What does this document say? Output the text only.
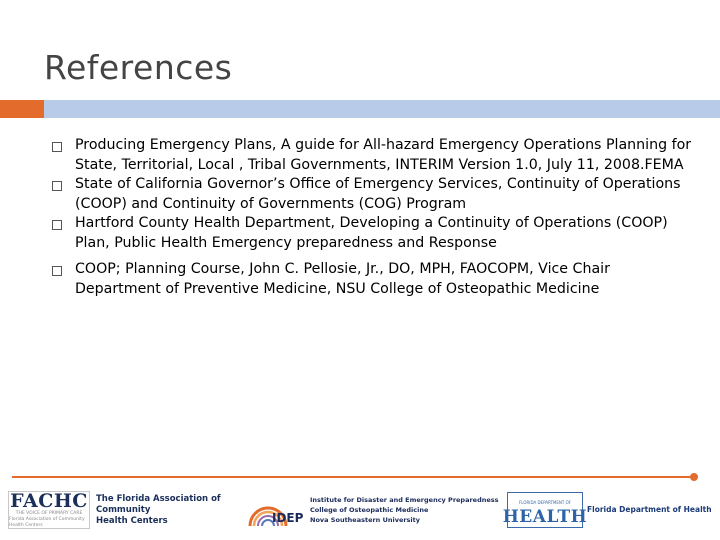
References
Producing Emergency Plans, A guide for All-hazard Emergency Operations Planning for State, Territorial, Local , Tribal Governments, INTERIM Version 1.0, July 11, 2008.FEMA
State of California Governor’s Office of Emergency Services, Continuity of Operations (COOP) and Continuity of Governments (COG) Program
Hartford County Health Department, Developing a Continuity of Operations (COOP) Plan, Public Health Emergency preparedness and Response
COOP; Planning Course, John C. Pellosie, Jr., DO, MPH, FAOCOPM, Vice Chair Department of Preventive Medicine, NSU College of Osteopathic Medicine
FACHC
THE VOICE OF PRIMARY CARE
Florida Association of Community Health Centers
The Florida Association of Community
Health Centers	IDEP
Institute for Disaster and Emergency Preparedness
College of Osteopathic Medicine
Nova Southeastern University
FLORIDA DEPARTMENT OF
HEALTH Florida Department of Health
